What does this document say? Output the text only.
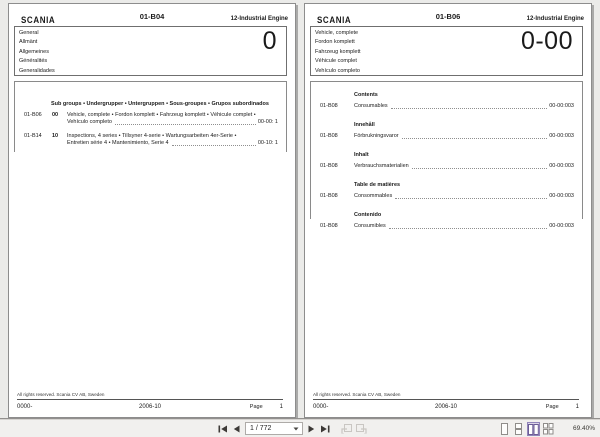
SCANIA	01-B04	12-Industrial Engine
General
Allmänt
Allgemeines
Généralités
Generalidades
0
Sub groups • Undergrupper • Untergruppen • Sous-groupes • Grupos subordinados
01-B06	00	Vehicle, complete • Fordon komplett • Fahrzeug komplett • Véhicule complet •
Vehículo completo	00-00: 1
01-B14	10	Inspections, 4 series • Tillsyner 4-serie • Wartungsarbeiten 4er-Serie •
Entretien série 4 • Mantenimiento, Serie 4	00-10: 1
All rights reserved. Scania CV AB, Sweden
0000-	2006-10	Page	1
SCANIA	01-B06	12-Industrial Engine
Vehicle, complete
Fordon komplett
Fahrzeug komplett
Véhicule complet
Vehículo completo
0-00
Contents
01-B08	Consumables	00-00:003
Innehåll
01-B08	Förbrukningsvaror	00-00:003
Inhalt
01-B08	Verbrauchsmaterialien	00-00:003
Table de matières
01-B08	Consommables	00-00:003
Contenido
01-B08	Consumibles	00-00:003
All rights reserved. Scania CV AB, Sweden
0000-	2006-10	Page	1
1 / 772	69.40%
